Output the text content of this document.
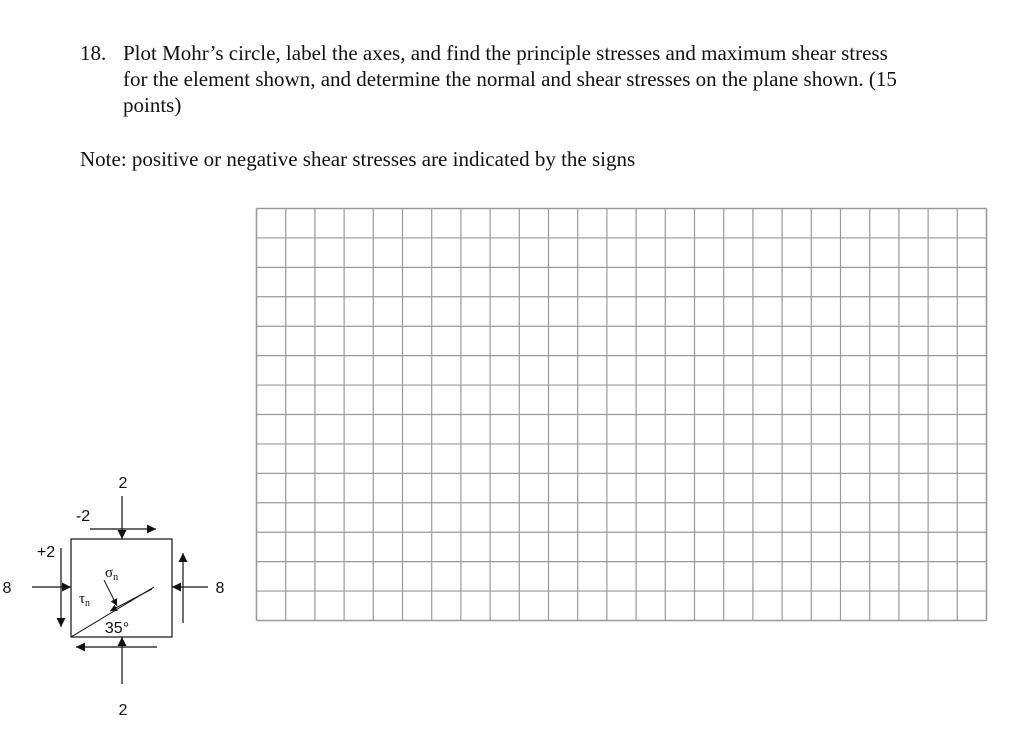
18. Plot Mohr’s circle, label the axes, and find the principle stresses and maximum shear stress for the element shown, and determine the normal and shear stresses on the plane shown. (15 points)
Note: positive or negative shear stresses are indicated by the signs
2
2
8	8
-2
+2
35°
$\sigma_n$
$\tau_n$
